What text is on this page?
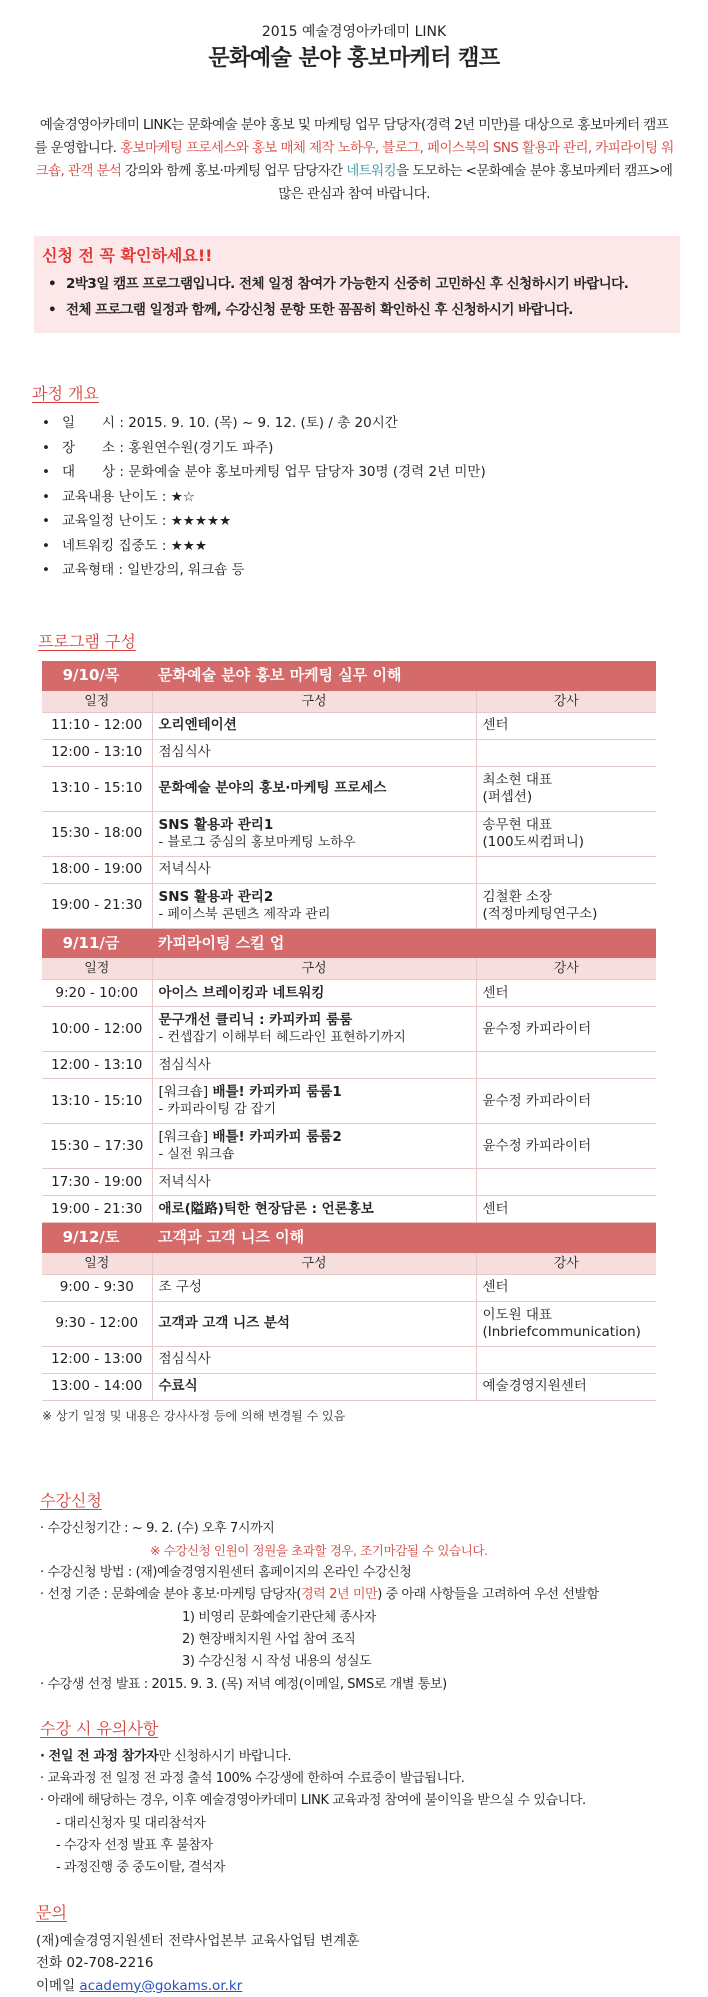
2015 예술경영아카데미 LINK
문화예술 분야 홍보마케터 캠프
예술경영아카데미 LINK는 문화예술 분야 홍보 및 마케팅 업무 담당자(경력 2년 미만)를 대상으로 홍보마케터 캠프를 운영합니다. 홍보마케팅 프로세스와 홍보 매체 제작 노하우, 블로그, 페이스북의 SNS 활용과 관리, 카피라이팅 워크숍, 관객 분석 강의와 함께 홍보·마케팅 업무 담당자간 네트워킹을 도모하는 <문화예술 분야 홍보마케터 캠프>에 많은 관심과 참여 바랍니다.
신청 전 꼭 확인하세요!!
• 2박3일 캠프 프로그램입니다. 전체 일정 참여가 가능한지 신중히 고민하신 후 신청하시기 바랍니다.
• 전체 프로그램 일정과 함께, 수강신청 문항 또한 꼼꼼히 확인하신 후 신청하시기 바랍니다.
과정 개요
• 일　　시 : 2015. 9. 10. (목) ~ 9. 12. (토) / 총 20시간
• 장　　소 : 홍원연수원(경기도 파주)
• 대　　상 : 문화예술 분야 홍보마케팅 업무 담당자 30명 (경력 2년 미만)
• 교육내용 난이도 : ★☆
• 교육일정 난이도 : ★★★★★
• 네트워킹 집중도 : ★★★
• 교육형태 : 일반강의, 워크숍 등
프로그램 구성
9/10/목 문화예술 분야 홍보 마케팅 실무 이해		
일정	구성	강사
11:10 - 12:00	오리엔테이션	센터
12:00 - 13:10	점심식사	
13:10 - 15:10	문화예술 분야의 홍보·마케팅 프로세스	최소현 대표
(퍼셉션)
15:30 - 18:00	SNS 활용과 관리1
- 블로그 중심의 홍보마케팅 노하우	송무현 대표
(100도씨컴퍼니)
18:00 - 19:00	저녁식사	
19:00 - 21:30	SNS 활용과 관리2
- 페이스북 콘텐츠 제작과 관리	김철환 소장
(적정마케팅연구소)
9/11/금 카피라이팅 스킬 업		
일정	구성	강사
9:20 - 10:00	아이스 브레이킹과 네트워킹	센터
10:00 - 12:00	문구개선 클리닉 : 카피카피 룸룸
- 컨셉잡기 이해부터 헤드라인 표현하기까지	윤수정 카피라이터
12:00 - 13:10	점심식사	
13:10 - 15:10	[워크숍] 배틀! 카피카피 룸룸1
- 카피라이팅 감 잡기	윤수정 카피라이터
15:30 – 17:30	[워크숍] 배틀! 카피카피 룸룸2
- 실전 워크숍	윤수정 카피라이터
17:30 - 19:00	저녁식사	
19:00 - 21:30	애로(隘路)틱한 현장담론 : 언론홍보	센터
9/12/토 고객과 고객 니즈 이해		
일정	구성	강사
9:00 - 9:30	조 구성	센터
9:30 - 12:00	고객과 고객 니즈 분석	이도원 대표
(Inbriefcommunication)
12:00 - 13:00	점심식사	
13:00 - 14:00	수료식	예술경영지원센터
※ 상기 일정 및 내용은 강사사정 등에 의해 변경될 수 있음
수강신청
· 수강신청기간 : ~ 9. 2. (수) 오후 7시까지
※ 수강신청 인원이 정원을 초과할 경우, 조기마감될 수 있습니다.
· 수강신청 방법 : (재)예술경영지원센터 홈페이지의 온라인 수강신청
· 선정 기준 : 문화예술 분야 홍보·마케팅 담당자(경력 2년 미만) 중 아래 사항들을 고려하여 우선 선발함
1) 비영리 문화예술기관단체 종사자
2) 현장배치지원 사업 참여 조직
3) 수강신청 시 작성 내용의 성실도
· 수강생 선정 발표 : 2015. 9. 3. (목) 저녁 예정(이메일, SMS로 개별 통보)
수강 시 유의사항
· 전일 전 과정 참가자만 신청하시기 바랍니다.
· 교육과정 전 일정 전 과정 출석 100% 수강생에 한하여 수료증이 발급됩니다.
· 아래에 해당하는 경우, 이후 예술경영아카데미 LINK 교육과정 참여에 불이익을 받으실 수 있습니다.
- 대리신청자 및 대리참석자
- 수강자 선정 발표 후 불참자
- 과정진행 중 중도이탈, 결석자
문의
(재)예술경영지원센터 전략사업본부 교육사업팀 변계훈
전화 02-708-2216
이메일 academy@gokams.or.kr
